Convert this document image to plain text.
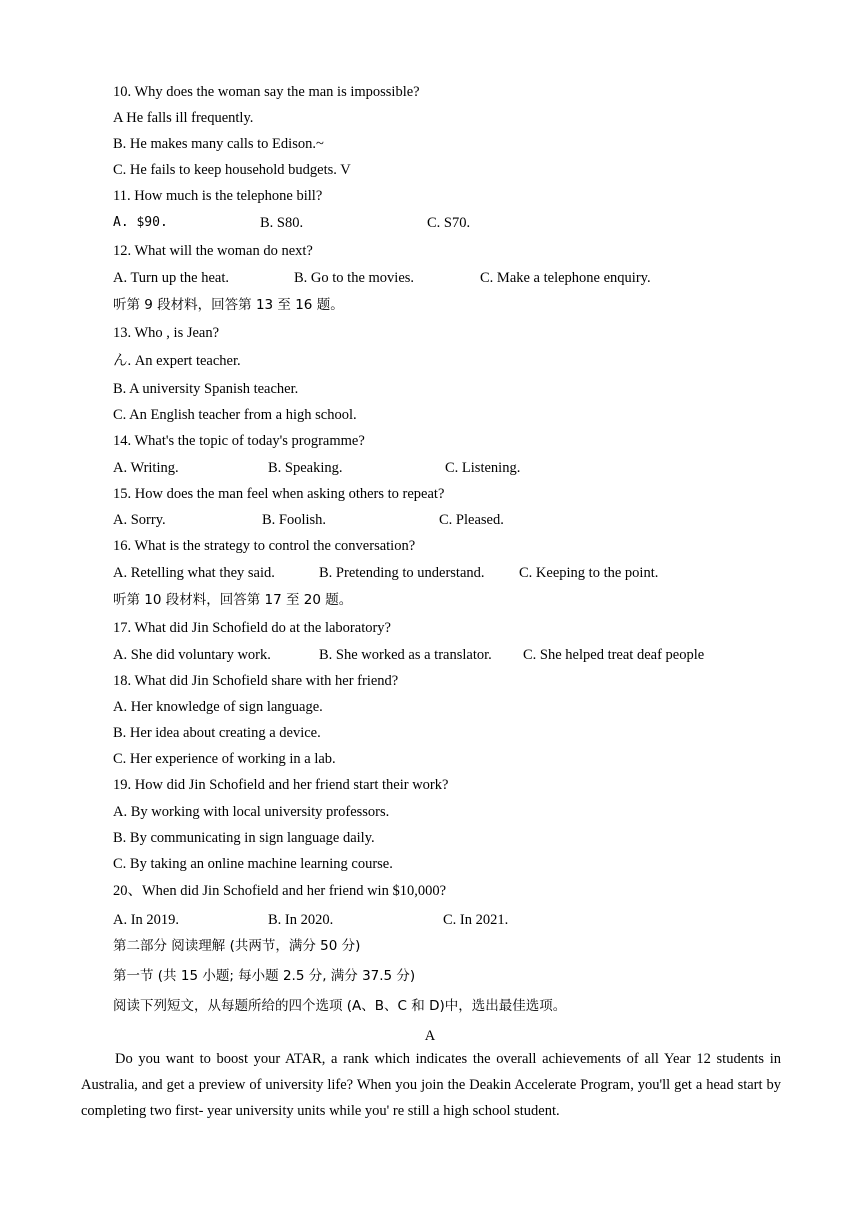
10. Why does the woman say the man is impossible?
A He falls ill frequently.
B. He makes many calls to Edison.~
C. He fails to keep household budgets. V
11. How much is the telephone bill?
A. $90.	B. S80.	C. S70.
12. What will the woman do next?
A. Turn up the heat.	B. Go to the movies.	C. Make a telephone enquiry.
听第 9 段材料，回答第 13 至 16 题。
13. Who , is Jean?
ん. An expert teacher.
B. A university Spanish teacher.
C. An English teacher from a high school.
14. What's the topic of today's programme?
A. Writing.	B. Speaking.	C. Listening.
15. How does the man feel when asking others to repeat?
A. Sorry.	B. Foolish.	C. Pleased.
16. What is the strategy to control the conversation?
A. Retelling what they said.	B. Pretending to understand. C. Keeping to the point.
听第 10 段材料，回答第 17 至 20 题。
17. What did Jin Schofield do at the laboratory?
A. She did voluntary work.	B. She worked as a translator. C. She helped treat deaf people
18. What did Jin Schofield share with her friend?
A. Her knowledge of sign language.
B. Her idea about creating a device.
C. Her experience of working in a lab.
19. How did Jin Schofield and her friend start their work?
A. By working with local university professors.
B. By communicating in sign language daily.
C. By taking an online machine learning course.
20、When did Jin Schofield and her friend win $10,000?
A. In 2019.	B. In 2020.	C. In 2021.
第二部分 阅读理解 (共两节，满分 50 分)
第一节 (共 15 小题; 每小题 2.5 分, 满分 37.5 分)
阅读下列短文，从每题所给的四个选项 (A、B、C 和 D)中，选出最佳选项。
A
Do you want to boost your ATAR, a rank which indicates the overall achievements of all Year 12 students in Australia, and get a preview of university life? When you join the Deakin Accelerate Program, you'll get a head start by completing two first- year university units while you' re still a high school student.
